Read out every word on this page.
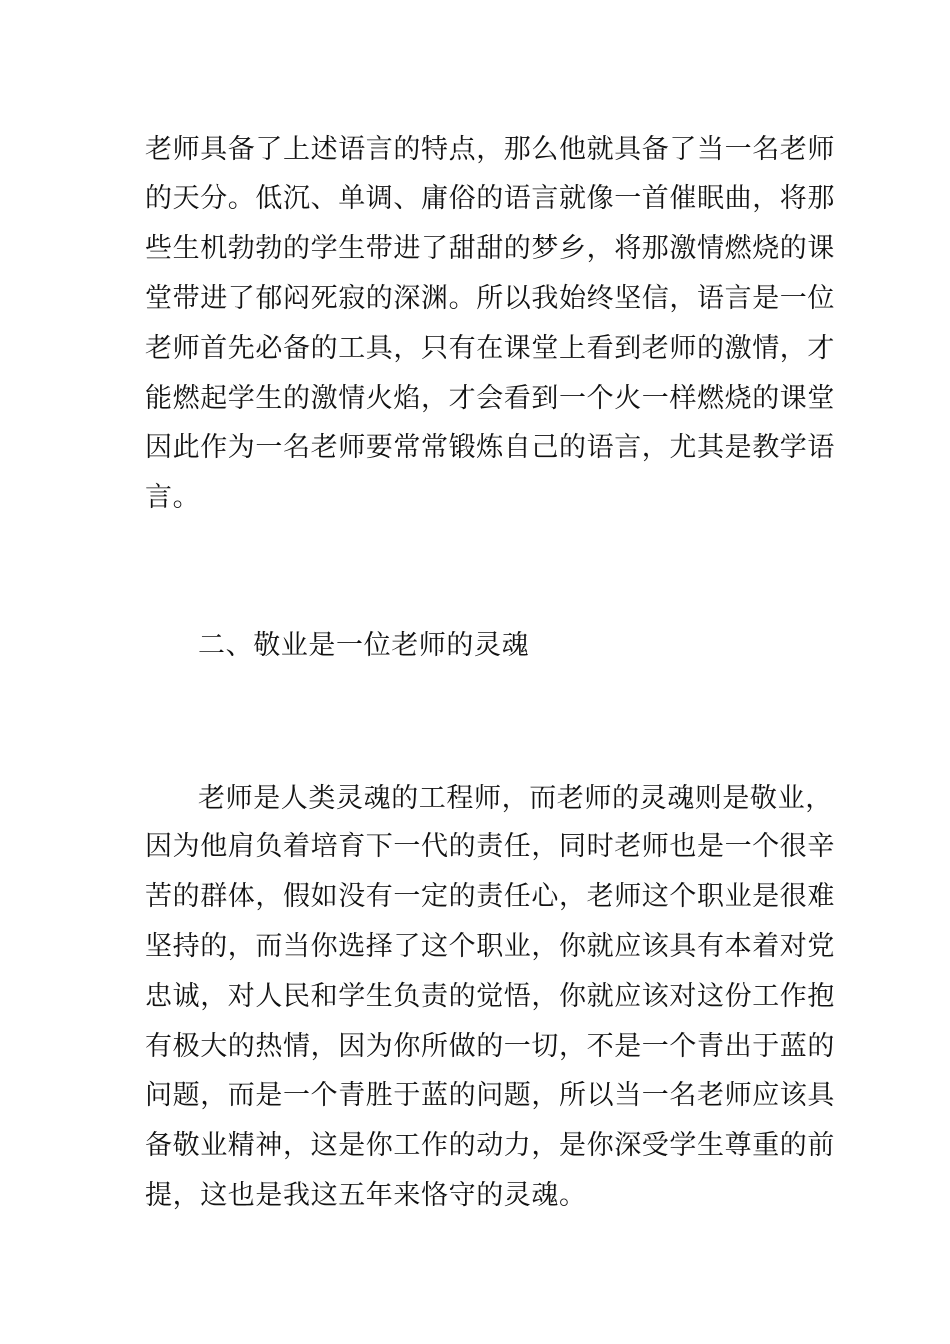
老师具备了上述语言的特点，那么他就具备了当一名老师
的天分。低沉、单调、庸俗的语言就像一首催眠曲，将那
些生机勃勃的学生带进了甜甜的梦乡，将那激情燃烧的课
堂带进了郁闷死寂的深渊。所以我始终坚信，语言是一位
老师首先必备的工具，只有在课堂上看到老师的激情，才
能燃起学生的激情火焰，才会看到一个火一样燃烧的课堂
因此作为一名老师要常常锻炼自己的语言，尤其是教学语
言。
二、敬业是一位老师的灵魂
老师是人类灵魂的工程师，而老师的灵魂则是敬业，
因为他肩负着培育下一代的责任，同时老师也是一个很辛
苦的群体，假如没有一定的责任心，老师这个职业是很难
坚持的，而当你选择了这个职业，你就应该具有本着对党
忠诚，对人民和学生负责的觉悟，你就应该对这份工作抱
有极大的热情，因为你所做的一切，不是一个青出于蓝的
问题，而是一个青胜于蓝的问题，所以当一名老师应该具
备敬业精神，这是你工作的动力，是你深受学生尊重的前
提，这也是我这五年来恪守的灵魂。
